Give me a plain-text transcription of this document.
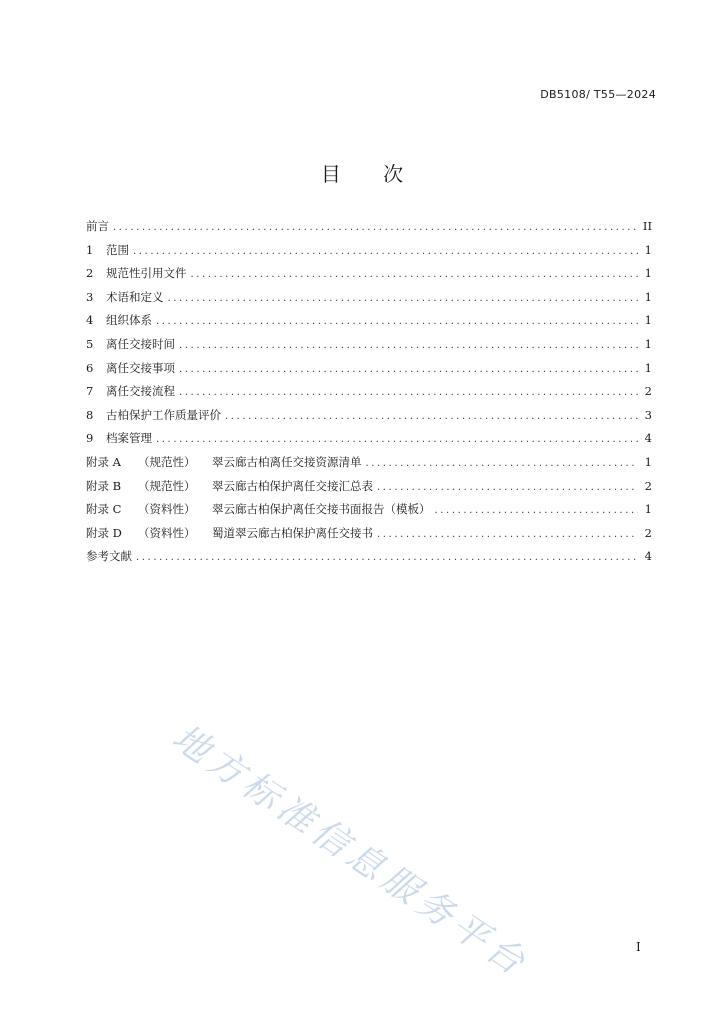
DB5108/ T55—2024
目 次
前言 .....	II
1	范围 .....	1
2	规范性引用文件 .....	1
3	术语和定义 .....	1
4	组织体系 .....	1
5	离任交接时间 .....	1
6	离任交接事项 .....	1
7	离任交接流程 .....	2
8	古柏保护工作质量评价 .....	3
9	档案管理 .....	4
附录 A	（规范性）	翠云廊古柏离任交接资源清单 .....	1
附录 B	（规范性）	翠云廊古柏保护离任交接汇总表 .....	2
附录 C	（资料性）	翠云廊古柏保护离任交接书面报告（模板） .....	1
附录 D	（资料性）	蜀道翠云廊古柏保护离任交接书 .....	2
参考文献 .....	4
地方标准信息服务平台	I
